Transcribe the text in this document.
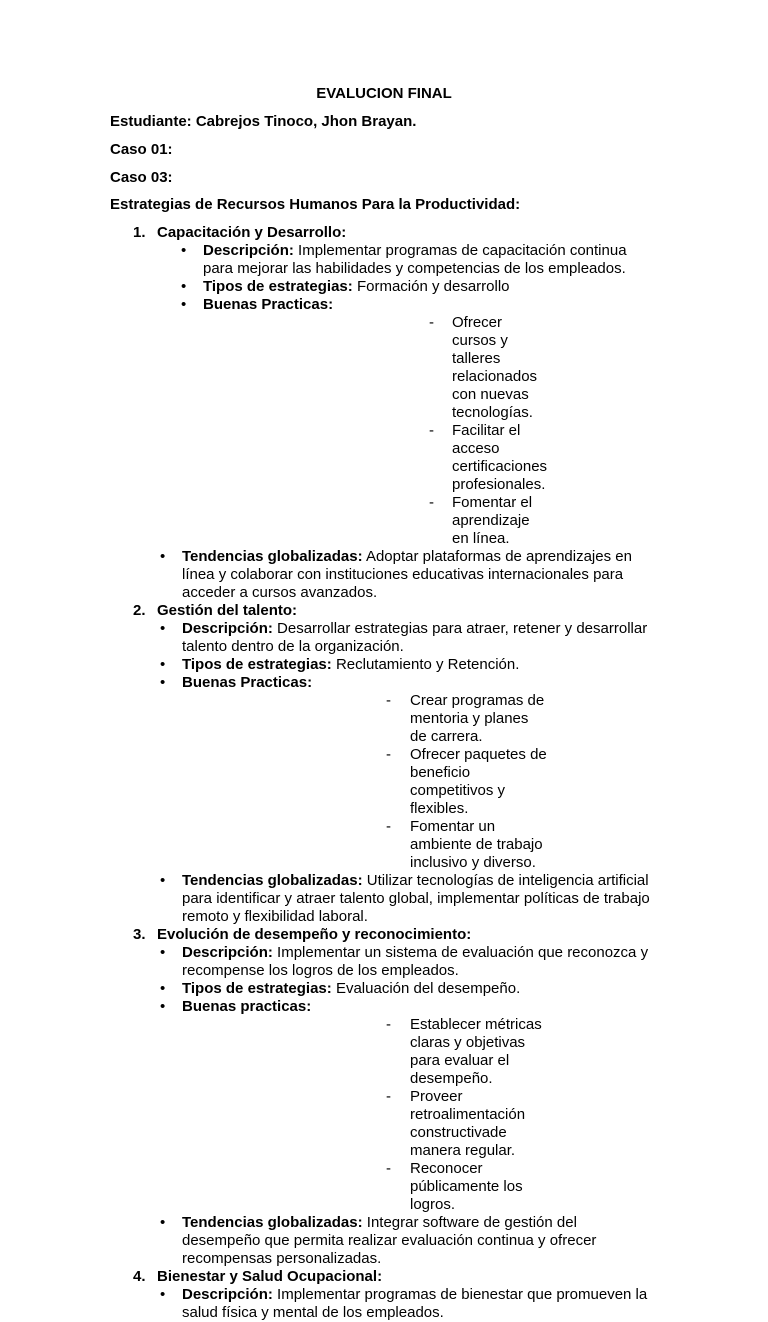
EVALUCION FINAL
Estudiante: Cabrejos Tinoco, Jhon Brayan.
Caso 01:
Caso 03:
Estrategias de Recursos Humanos Para la Productividad:
1. Capacitación y Desarrollo:
• Descripción: Implementar programas de capacitación continua para mejorar las habilidades y competencias de los empleados.
• Tipos de estrategias: Formación y desarrollo
• Buenas Practicas:
- Ofrecer cursos y talleres relacionados con nuevas tecnologías.
- Facilitar el acceso certificaciones profesionales.
- Fomentar el aprendizaje en línea.
• Tendencias globalizadas: Adoptar plataformas de aprendizajes en línea y colaborar con instituciones educativas internacionales para acceder a cursos avanzados.
2. Gestión del talento:
• Descripción: Desarrollar estrategias para atraer, retener y desarrollar talento dentro de la organización.
• Tipos de estrategias: Reclutamiento y Retención.
• Buenas Practicas:
- Crear programas de mentoria y planes de carrera.
- Ofrecer paquetes de beneficio competitivos y flexibles.
- Fomentar un ambiente de trabajo inclusivo y diverso.
• Tendencias globalizadas: Utilizar tecnologías de inteligencia artificial para identificar y atraer talento global, implementar políticas de trabajo remoto y flexibilidad laboral.
3. Evolución de desempeño y reconocimiento:
• Descripción: Implementar un sistema de evaluación que reconozca y recompense los logros de los empleados.
• Tipos de estrategias: Evaluación del desempeño.
• Buenas practicas:
- Establecer métricas claras y objetivas para evaluar el desempeño.
- Proveer retroalimentación constructivade manera regular.
- Reconocer públicamente los logros.
• Tendencias globalizadas: Integrar software de gestión del desempeño que permita realizar evaluación continua y ofrecer recompensas personalizadas.
4. Bienestar y Salud Ocupacional:
• Descripción: Implementar programas de bienestar que promueven la salud física y mental de los empleados.
